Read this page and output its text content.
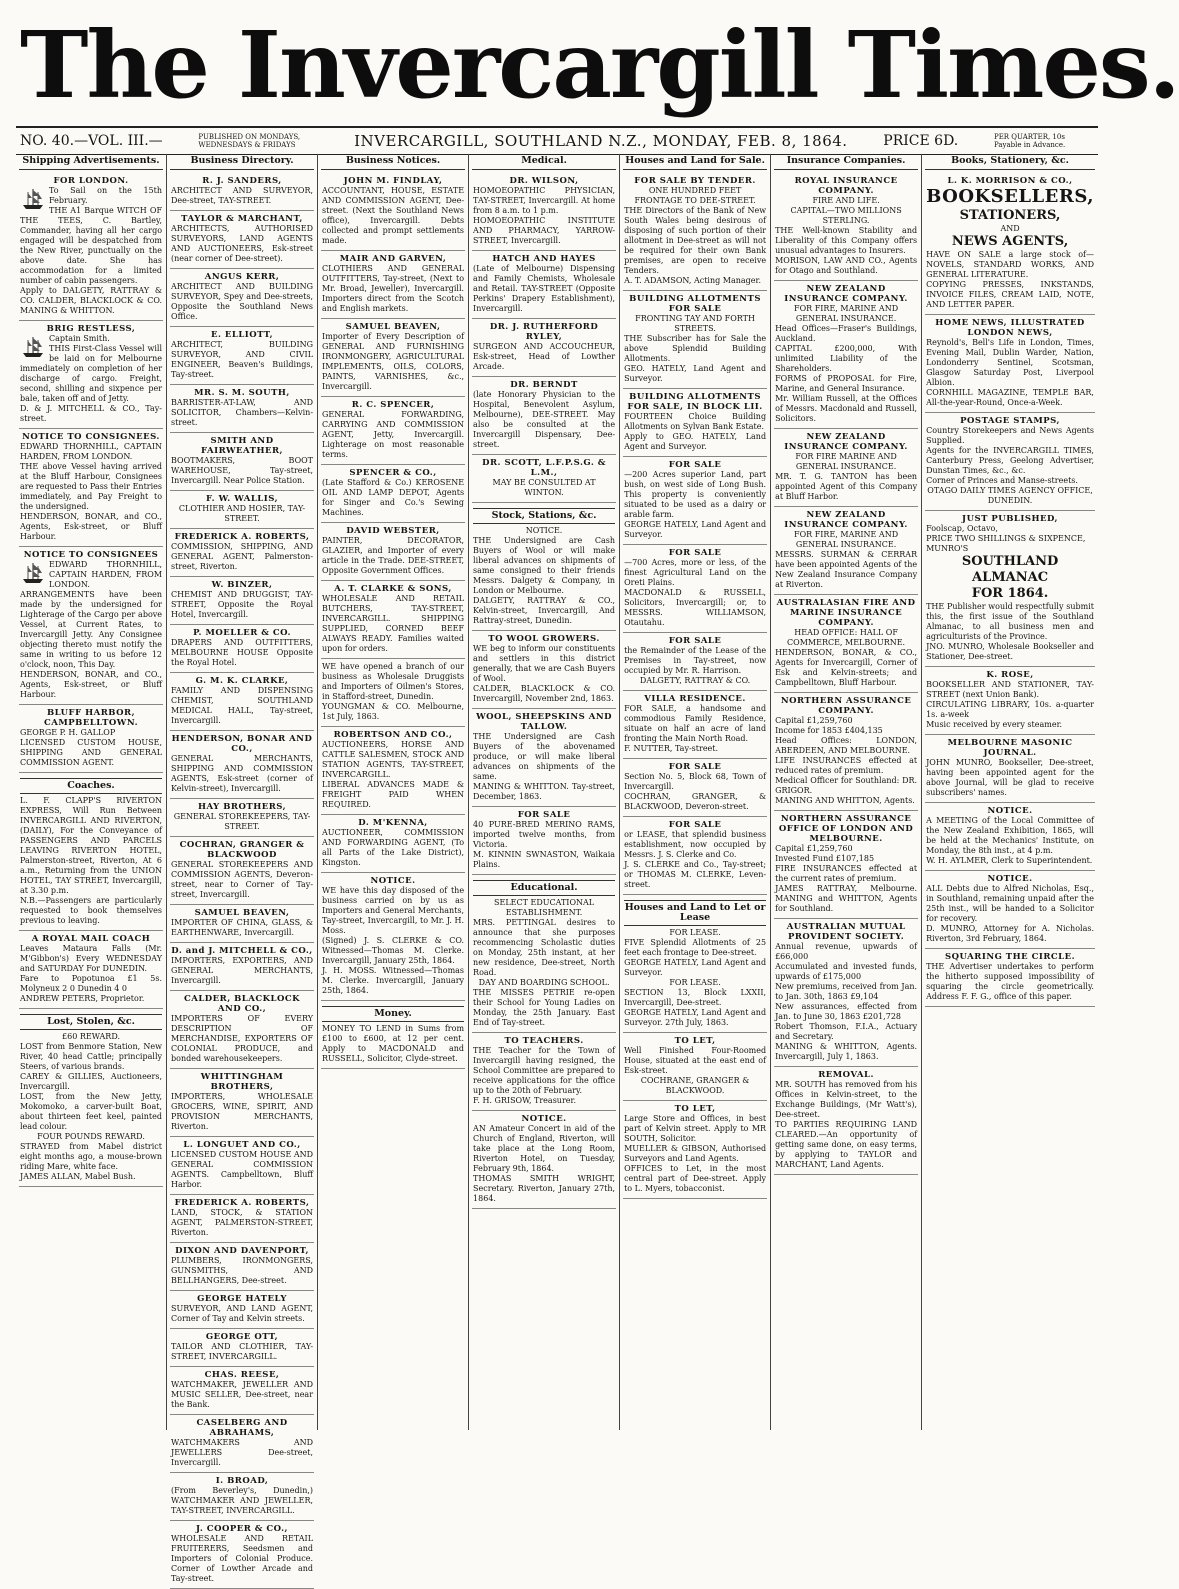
The Invercargill Times.
NO. 40.—VOL. III.—	PUBLISHED ON MONDAYS, WEDNESDAYS & FRIDAYS	INVERCARGILL, SOUTHLAND N.Z., MONDAY, FEB. 8, 1864.	PRICE 6D.	PER QUARTER, 10s Payable in Advance.
Shipping Advertisements.
FOR LONDON.
To Sail on the 15th February.
THE A1 Barque WITCH OF THE TEES, C. Bartley, Commander, having all her cargo engaged will be despatched from the New River, punctually on the above date. She has accommodation for a limited number of cabin passengers.
Apply to DALGETY, RATTRAY & CO. CALDER, BLACKLOCK & CO. MANING & WHITTON.
BRIG RESTLESS,
Captain Smith.
THIS First-Class Vessel will be laid on for Melbourne immediately on completion of her discharge of cargo. Freight, second, shilling and sixpence per bale, taken off and of Jetty.
D. & J. MITCHELL & CO., Tay-street.
NOTICE TO CONSIGNEES.
EDWARD THORNHILL, CAPTAIN HARDEN, FROM LONDON.
THE above Vessel having arrived at the Bluff Harbour, Consignees are requested to Pass their Entries immediately, and Pay Freight to the undersigned.
HENDERSON, BONAR, and CO., Agents, Esk-street, or Bluff Harbour.
NOTICE TO CONSIGNEES
EDWARD THORNHILL, CAPTAIN HARDEN, FROM LONDON.
ARRANGEMENTS have been made by the undersigned for Lighterage of the Cargo per above Vessel, at Current Rates, to Invercargill Jetty. Any Consignee objecting thereto must notify the same in writing to us before 12 o'clock, noon, This Day.
HENDERSON, BONAR, and CO., Agents, Esk-street, or Bluff Harbour.
BLUFF HARBOR, CAMPBELLTOWN.
GEORGE P. H. GALLOP
LICENSED CUSTOM HOUSE, SHIPPING AND GENERAL COMMISSION AGENT.
Coaches.
L. F. CLAPP'S RIVERTON EXPRESS, Will Run Between INVERCARGILL AND RIVERTON, (DAILY), For the Conveyance of PASSENGERS AND PARCELS LEAVING RIVERTON HOTEL, Palmerston-street, Riverton, At 6 a.m., Returning from the UNION HOTEL, TAY STREET, Invercargill, at 3.30 p.m.
N.B.—Passengers are particularly requested to book themselves previous to leaving.
A ROYAL MAIL COACH
Leaves Mataura Falls (Mr. M'Gibbon's) Every WEDNESDAY and SATURDAY For DUNEDIN.
Fare to Popotunoa £1 5s. Molyneux 2 0 Dunedin 4 0
ANDREW PETERS, Proprietor.
Lost, Stolen, &c.
£60 REWARD.
LOST from Benmore Station, New River, 40 head Cattle; principally Steers, of various brands.
CAREY & GILLIES, Auctioneers, Invercargill.
LOST, from the New Jetty, Mokomoko, a carver-built Boat, about thirteen feet keel, painted lead colour.
FOUR POUNDS REWARD.
STRAYED from Mabel district eight months ago, a mouse-brown riding Mare, white face.
JAMES ALLAN, Mabel Bush.
Business Directory.
R. J. SANDERS,
ARCHITECT AND SURVEYOR, Dee-street, TAY-STREET.
TAYLOR & MARCHANT,
ARCHITECTS, AUTHORISED SURVEYORS, LAND AGENTS AND AUCTIONEERS, Esk-street (near corner of Dee-street).
ANGUS KERR,
ARCHITECT AND BUILDING SURVEYOR, Spey and Dee-streets, Opposite the Southland News Office.
E. ELLIOTT,
ARCHITECT, BUILDING SURVEYOR, AND CIVIL ENGINEER, Beaven's Buildings, Tay-street.
MR. S. M. SOUTH,
BARRISTER-AT-LAW, AND SOLICITOR, Chambers—Kelvin-street.
SMITH AND FAIRWEATHER,
BOOTMAKERS, BOOT WAREHOUSE, Tay-street, Invercargill. Near Police Station.
F. W. WALLIS,
CLOTHIER AND HOSIER, TAY-STREET.
FREDERICK A. ROBERTS,
COMMISSION, SHIPPING, AND GENERAL AGENT, Palmerston-street, Riverton.
W. BINZER,
CHEMIST AND DRUGGIST, TAY-STREET, Opposite the Royal Hotel, Invercargill.
P. MOELLER & CO.
DRAPERS AND OUTFITTERS, MELBOURNE HOUSE Opposite the Royal Hotel.
G. M. K. CLARKE,
FAMILY AND DISPENSING CHEMIST, SOUTHLAND MEDICAL HALL, Tay-street, Invercargill.
HENDERSON, BONAR AND CO.,
GENERAL MERCHANTS, SHIPPING AND COMMISSION AGENTS, Esk-street (corner of Kelvin-street), Invercargill.
HAY BROTHERS,
GENERAL STOREKEEPERS, TAY-STREET.
COCHRAN, GRANGER & BLACKWOOD
GENERAL STOREKEEPERS AND COMMISSION AGENTS, Deveron-street, near to Corner of Tay-street, Invercargill.
SAMUEL BEAVEN,
IMPORTER OF CHINA, GLASS, & EARTHENWARE, Invercargill.
D. and J. MITCHELL & CO.,
IMPORTERS, EXPORTERS, AND GENERAL MERCHANTS, Invercargill.
CALDER, BLACKLOCK AND CO.,
IMPORTERS OF EVERY DESCRIPTION OF MERCHANDISE, EXPORTERS OF COLONIAL PRODUCE, and bonded warehousekeepers.
WHITTINGHAM BROTHERS,
IMPORTERS, WHOLESALE GROCERS, WINE, SPIRIT, AND PROVISION MERCHANTS, Riverton.
L. LONGUET AND CO.,
LICENSED CUSTOM HOUSE AND GENERAL COMMISSION AGENTS. Campbelltown, Bluff Harbor.
FREDERICK A. ROBERTS,
LAND, STOCK, & STATION AGENT, PALMERSTON-STREET, Riverton.
DIXON AND DAVENPORT,
PLUMBERS, IRONMONGERS, GUNSMITHS, AND BELLHANGERS, Dee-street.
GEORGE HATELY
SURVEYOR, AND LAND AGENT, Corner of Tay and Kelvin streets.
GEORGE OTT,
TAILOR AND CLOTHIER, TAY-STREET, INVERCARGILL.
CHAS. REESE,
WATCHMAKER, JEWELLER AND MUSIC SELLER, Dee-street, near the Bank.
CASELBERG AND ABRAHAMS,
WATCHMAKERS AND JEWELLERS Dee-street, Invercargill.
I. BROAD,
(From Beverley's, Dunedin,) WATCHMAKER AND JEWELLER, TAY-STREET, INVERCARGILL.
J. COOPER & CO.,
WHOLESALE AND RETAIL FRUITERERS, Seedsmen and Importers of Colonial Produce. Corner of Lowther Arcade and Tay-street.
Business Notices.
JOHN M. FINDLAY,
ACCOUNTANT, HOUSE, ESTATE AND COMMISSION AGENT, Dee-street. (Next the Southland News office), Invercargill. Debts collected and prompt settlements made.
MAIR AND GARVEN,
CLOTHIERS AND GENERAL OUTFITTERS, Tay-street, (Next to Mr. Broad, Jeweller), Invercargill. Importers direct from the Scotch and English markets.
SAMUEL BEAVEN,
Importer of Every Description of GENERAL AND FURNISHING IRONMONGERY, AGRICULTURAL IMPLEMENTS, OILS, COLORS, PAINTS, VARNISHES, &c., Invercargill.
R. C. SPENCER,
GENERAL FORWARDING, CARRYING AND COMMISSION AGENT, Jetty, Invercargill. Lighterage on most reasonable terms.
SPENCER & CO.,
(Late Stafford & Co.) KEROSENE OIL AND LAMP DEPOT, Agents for Singer and Co.'s Sewing Machines.
DAVID WEBSTER,
PAINTER, DECORATOR, GLAZIER, and Importer of every article in the Trade. DEE-STREET, Opposite Government Offices.
A. T. CLARKE & SONS,
WHOLESALE AND RETAIL BUTCHERS, TAY-STREET, INVERCARGILL. SHIPPING SUPPLIED, CORNED BEEF ALWAYS READY. Families waited upon for orders.
WE have opened a branch of our business as Wholesale Druggists and Importers of Oilmen's Stores, in Stafford-street, Dunedin.
YOUNGMAN & CO. Melbourne, 1st July, 1863.
ROBERTSON AND CO.,
AUCTIONEERS, HORSE AND CATTLE SALESMEN, STOCK AND STATION AGENTS, TAY-STREET, INVERCARGILL.
LIBERAL ADVANCES MADE & FREIGHT PAID WHEN REQUIRED.
D. M'KENNA,
AUCTIONEER, COMMISSION AND FORWARDING AGENT, (To all Parts of the Lake District), Kingston.
NOTICE.
WE have this day disposed of the business carried on by us as Importers and General Merchants, Tay-street, Invercargill, to Mr. J. H. Moss.
(Signed) J. S. CLERKE & CO. Witnessed—Thomas M. Clerke. Invercargill, January 25th, 1864.
J. H. MOSS. Witnessed—Thomas M. Clerke. Invercargill, January 25th, 1864.
Money.
MONEY TO LEND in Sums from £100 to £600, at 12 per cent. Apply to MACDONALD and RUSSELL, Solicitor, Clyde-street.
Medical.
DR. WILSON,
HOMOEOPATHIC PHYSICIAN, TAY-STREET, Invercargill. At home from 8 a.m. to 1 p.m.
HOMOEOPATHIC INSTITUTE AND PHARMACY, YARROW-STREET, Invercargill.
HATCH AND HAYES
(Late of Melbourne) Dispensing and Family Chemists, Wholesale and Retail. TAY-STREET (Opposite Perkins' Drapery Establishment), Invercargill.
DR. J. RUTHERFORD RYLEY,
SURGEON AND ACCOUCHEUR, Esk-street, Head of Lowther Arcade.
DR. BERNDT
(late Honorary Physician to the Hospital, Benevolent Asylum, Melbourne), DEE-STREET. May also be consulted at the Invercargill Dispensary, Dee-street.
DR. SCOTT, L.F.P.S.G. & L.M.,
MAY BE CONSULTED AT WINTON.
Stock, Stations, &c.
NOTICE.
THE Undersigned are Cash Buyers of Wool or will make liberal advances on shipments of same consigned to their friends Messrs. Dalgety & Company, in London or Melbourne.
DALGETY, RATTRAY & CO., Kelvin-street, Invercargill, And Rattray-street, Dunedin.
TO WOOL GROWERS.
WE beg to inform our constituents and settlers in this district generally, that we are Cash Buyers of Wool.
CALDER, BLACKLOCK & CO. Invercargill, November 2nd, 1863.
WOOL, SHEEPSKINS AND TALLOW.
THE Undersigned are Cash Buyers of the abovenamed produce, or will make liberal advances on shipments of the same.
MANING & WHITTON. Tay-street, December, 1863.
FOR SALE
40 PURE-BRED MERINO RAMS, imported twelve months, from Victoria.
M. KINNIN SWNASTON, Waikaia Plains.
Educational.
SELECT EDUCATIONAL ESTABLISHMENT.
MRS. PETTINGAL desires to announce that she purposes recommencing Scholastic duties on Monday, 25th instant, at her new residence, Dee-street, North Road.
DAY AND BOARDING SCHOOL.
THE MISSES PETRIE re-open their School for Young Ladies on Monday, the 25th January. East End of Tay-street.
TO TEACHERS.
THE Teacher for the Town of Invercargill having resigned, the School Committee are prepared to receive applications for the office up to the 20th of February.
F. H. GRISOW, Treasurer.
NOTICE.
AN Amateur Concert in aid of the Church of England, Riverton, will take place at the Long Room, Riverton Hotel, on Tuesday, February 9th, 1864.
THOMAS SMITH WRIGHT, Secretary. Riverton, January 27th, 1864.
Houses and Land for Sale.
FOR SALE BY TENDER.
ONE HUNDRED FEET FRONTAGE TO DEE-STREET.
THE Directors of the Bank of New South Wales being desirous of disposing of such portion of their allotment in Dee-street as will not be required for their own Bank premises, are open to receive Tenders.
A. T. ADAMSON, Acting Manager.
BUILDING ALLOTMENTS FOR SALE
FRONTING TAY AND FORTH STREETS.
THE Subscriber has for Sale the above Splendid Building Allotments.
GEO. HATELY, Land Agent and Surveyor.
BUILDING ALLOTMENTS FOR SALE, IN BLOCK LII.
FOURTEEN Choice Building Allotments on Sylvan Bank Estate.
Apply to GEO. HATELY, Land Agent and Surveyor.
FOR SALE
—200 Acres superior Land, part bush, on west side of Long Bush. This property is conveniently situated to be used as a dairy or arable farm.
GEORGE HATELY, Land Agent and Surveyor.
FOR SALE
—700 Acres, more or less, of the finest Agricultural Land on the Oreti Plains.
MACDONALD & RUSSELL, Solicitors, Invercargill; or, to MESSRS. WILLIAMSON, Otautahu.
FOR SALE
the Remainder of the Lease of the Premises in Tay-street, now occupied by Mr. R. Harrison.
DALGETY, RATTRAY & CO.
VILLA RESIDENCE.
FOR SALE, a handsome and commodious Family Residence, situate on half an acre of land fronting the Main North Road.
F. NUTTER, Tay-street.
FOR SALE
Section No. 5, Block 68, Town of Invercargill.
COCHRAN, GRANGER, & BLACKWOOD, Deveron-street.
FOR SALE
or LEASE, that splendid business establishment, now occupied by Messrs. J. S. Clerke and Co.
J. S. CLERKE and Co., Tay-street; or THOMAS M. CLERKE, Leven-street.
Houses and Land to Let or Lease
FOR LEASE.
FIVE Splendid Allotments of 25 feet each frontage to Dee-street.
GEORGE HATELY, Land Agent and Surveyor.
FOR LEASE.
SECTION 13, Block LXXII, Invercargill, Dee-street.
GEORGE HATELY, Land Agent and Surveyor. 27th July, 1863.
TO LET,
Well Finished Four-Roomed House, situated at the east end of Esk-street.
COCHRANE, GRANGER & BLACKWOOD.
TO LET,
Large Store and Offices, in best part of Kelvin street. Apply to MR SOUTH, Solicitor.
MUELLER & GIBSON, Authorised Surveyors and Land Agents.
OFFICES to Let, in the most central part of Dee-street. Apply to L. Myers, tobacconist.
Insurance Companies.
ROYAL INSURANCE COMPANY.
FIRE AND LIFE.
CAPITAL—TWO MILLIONS STERLING.
THE Well-known Stability and Liberality of this Company offers unusual advantages to Insurers.
MORISON, LAW AND CO., Agents for Otago and Southland.
NEW ZEALAND INSURANCE COMPANY.
FOR FIRE, MARINE AND GENERAL INSURANCE.
Head Offices—Fraser's Buildings, Auckland.
CAPITAL £200,000, With unlimited Liability of the Shareholders.
FORMS of PROPOSAL for Fire, Marine, and General Insurance.
Mr. William Russell, at the Offices of Messrs. Macdonald and Russell, Solicitors.
NEW ZEALAND INSURANCE COMPANY.
FOR FIRE MARINE AND GENERAL INSURANCE.
MR. T. G. TANTON has been appointed Agent of this Company at Bluff Harbor.
NEW ZEALAND INSURANCE COMPANY.
FOR FIRE, MARINE AND GENERAL INSURANCE.
MESSRS. SURMAN & CERRAR have been appointed Agents of the New Zealand Insurance Company at Riverton.
AUSTRALASIAN FIRE AND MARINE INSURANCE COMPANY.
HEAD OFFICE: HALL OF COMMERCE, MELBOURNE.
HENDERSON, BONAR, & CO., Agents for Invercargill, Corner of Esk and Kelvin-streets; and Campbelltown, Bluff Harbour.
NORTHERN ASSURANCE COMPANY.
Capital £1,259,760
Income for 1853 £404,135
Head Offices: LONDON, ABERDEEN, AND MELBOURNE.
LIFE INSURANCES effected at reduced rates of premium.
Medical Officer for Southland: DR. GRIGOR.
MANING AND WHITTON, Agents.
NORTHERN ASSURANCE OFFICE OF LONDON AND MELBOURNE.
Capital £1,259,760
Invested Fund £107,185
FIRE INSURANCES effected at the current rates of premium.
JAMES RATTRAY, Melbourne. MANING and WHITTON, Agents for Southland.
AUSTRALIAN MUTUAL PROVIDENT SOCIETY.
Annual revenue, upwards of £66,000
Accumulated and invested funds, upwards of £175,000
New premiums, received from Jan. to Jan. 30th, 1863 £9,104
New assurances, effected from Jan. to June 30, 1863 £201,728
Robert Thomson, F.I.A., Actuary and Secretary.
MANING & WHITTON, Agents. Invercargill, July 1, 1863.
REMOVAL.
MR. SOUTH has removed from his Offices in Kelvin-street, to the Exchange Buildings, (Mr Watt's), Dee-street.
TO PARTIES REQUIRING LAND CLEARED.—An opportunity of getting same done, on easy terms, by applying to TAYLOR and MARCHANT, Land Agents.
Books, Stationery, &c.
L. K. MORRISON & CO.,
BOOKSELLERS,
STATIONERS,
AND
NEWS AGENTS,
HAVE ON SALE a large stock of—NOVELS, STANDARD WORKS, AND GENERAL LITERATURE.
COPYING PRESSES, INKSTANDS, INVOICE FILES, CREAM LAID, NOTE, AND LETTER PAPER.
HOME NEWS, ILLUSTRATED LONDON NEWS,
Reynold's, Bell's Life in London, Times, Evening Mail, Dublin Warder, Nation, Londonderry Sentinel, Scotsman, Glasgow Saturday Post, Liverpool Albion.
CORNHILL MAGAZINE, TEMPLE BAR, All-the-year-Round, Once-a-Week.
POSTAGE STAMPS,
Country Storekeepers and News Agents Supplied.
Agents for the INVERCARGILL TIMES, Canterbury Press, Geelong Advertiser, Dunstan Times, &c., &c.
Corner of Princes and Manse-streets.
OTAGO DAILY TIMES AGENCY OFFICE, DUNEDIN.
JUST PUBLISHED,
Foolscap, Octavo,
PRICE TWO SHILLINGS & SIXPENCE,
MUNRO'S
SOUTHLAND ALMANAC
FOR 1864.
THE Publisher would respectfully submit this, the first issue of the Southland Almanac, to all business men and agriculturists of the Province.
JNO. MUNRO, Wholesale Bookseller and Stationer, Dee-street.
K. ROSE,
BOOKSELLER AND STATIONER, TAY-STREET (next Union Bank).
CIRCULATING LIBRARY, 10s. a-quarter 1s. a-week
Music received by every steamer.
MELBOURNE MASONIC JOURNAL.
JOHN MUNRO, Bookseller, Dee-street, having been appointed agent for the above Journal, will be glad to receive subscribers' names.
NOTICE.
A MEETING of the Local Committee of the New Zealand Exhibition, 1865, will be held at the Mechanics' Institute, on Monday, the 8th inst., at 4 p.m.
W. H. AYLMER, Clerk to Superintendent.
NOTICE.
ALL Debts due to Alfred Nicholas, Esq., in Southland, remaining unpaid after the 25th inst., will be handed to a Solicitor for recovery.
D. MUNRO, Attorney for A. Nicholas. Riverton, 3rd February, 1864.
SQUARING THE CIRCLE.
THE Advertiser undertakes to perform the hitherto supposed impossibility of squaring the circle geometrically. Address F. F. G., office of this paper.
